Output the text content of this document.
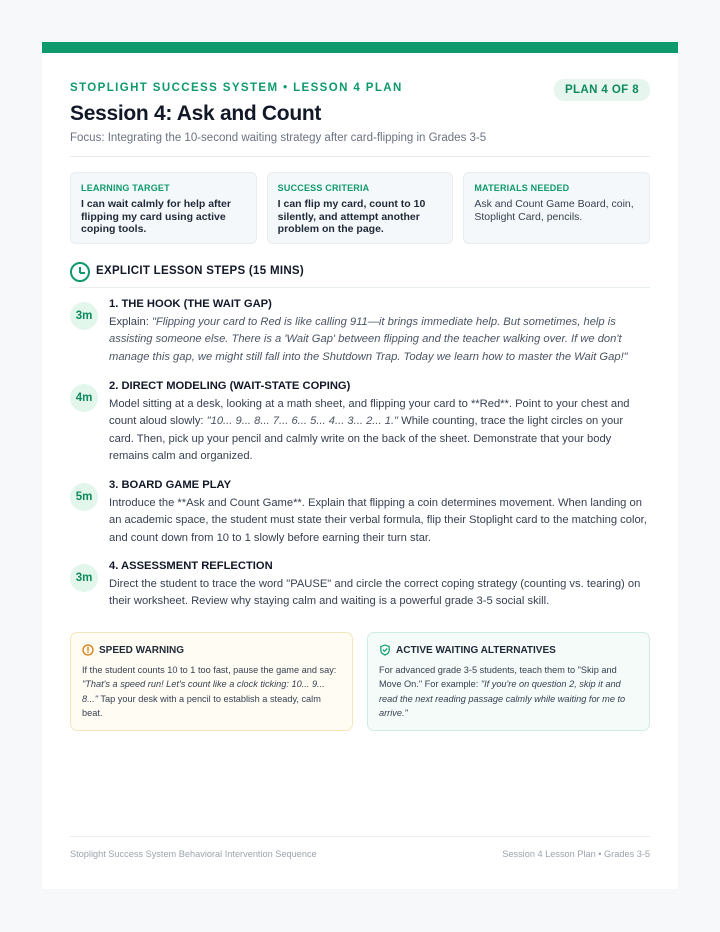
STOPLIGHT SUCCESS SYSTEM • LESSON 4 PLAN	PLAN 4 OF 8
Session 4: Ask and Count
Focus: Integrating the 10-second waiting strategy after card-flipping in Grades 3-5
LEARNING TARGET
I can wait calmly for help after flipping my card using active coping tools.
SUCCESS CRITERIA
I can flip my card, count to 10 silently, and attempt another problem on the page.
MATERIALS NEEDED
Ask and Count Game Board, coin, Stoplight Card, pencils.
EXPLICIT LESSON STEPS (15 MINS)
3m
1. THE HOOK (THE WAIT GAP)
Explain: "Flipping your card to Red is like calling 911—it brings immediate help. But sometimes, help is assisting someone else. There is a 'Wait Gap' between flipping and the teacher walking over. If we don't manage this gap, we might still fall into the Shutdown Trap. Today we learn how to master the Wait Gap!"
4m
2. DIRECT MODELING (WAIT-STATE COPING)
Model sitting at a desk, looking at a math sheet, and flipping your card to **Red**. Point to your chest and count aloud slowly: "10... 9... 8... 7... 6... 5... 4... 3... 2... 1." While counting, trace the light circles on your card. Then, pick up your pencil and calmly write on the back of the sheet. Demonstrate that your body remains calm and organized.
5m
3. BOARD GAME PLAY
Introduce the **Ask and Count Game**. Explain that flipping a coin determines movement. When landing on an academic space, the student must state their verbal formula, flip their Stoplight card to the matching color, and count down from 10 to 1 slowly before earning their turn star.
3m
4. ASSESSMENT REFLECTION
Direct the student to trace the word "PAUSE" and circle the correct coping strategy (counting vs. tearing) on their worksheet. Review why staying calm and waiting is a powerful grade 3-5 social skill.
SPEED WARNING
If the student counts 10 to 1 too fast, pause the game and say: "That's a speed run! Let's count like a clock ticking: 10... 9... 8..." Tap your desk with a pencil to establish a steady, calm beat.
ACTIVE WAITING ALTERNATIVES
For advanced grade 3-5 students, teach them to "Skip and Move On." For example: "If you're on question 2, skip it and read the next reading passage calmly while waiting for me to arrive."
Stoplight Success System Behavioral Intervention Sequence	Session 4 Lesson Plan • Grades 3-5
